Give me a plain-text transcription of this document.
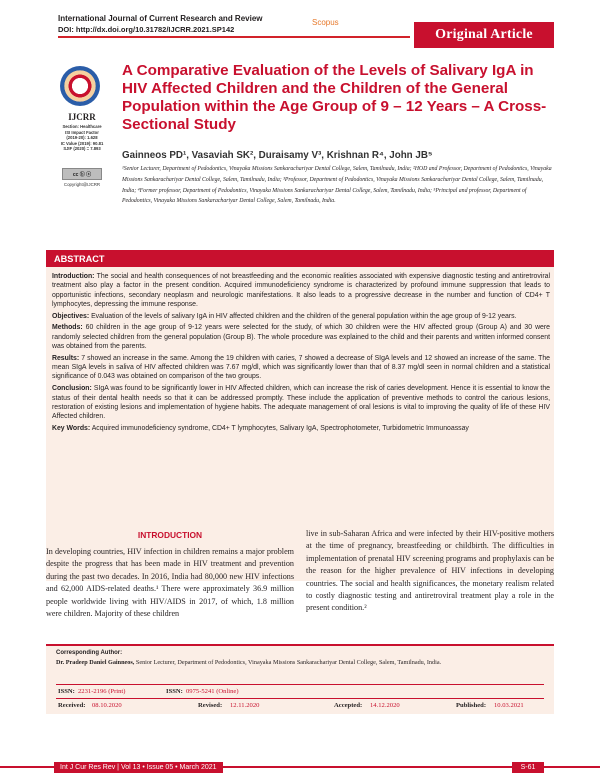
International Journal of Current Research and Review
DOI: http://dx.doi.org/10.31782/IJCRR.2021.SP142
Scopus
Original Article
IJCRR
Section: Healthcare
ISI Impact Factor
(2019-20): 1.628
IC Value (2019): 90.81
SJIF (2020) = 7.893
cc ⓑ ⓢ
Copyright@IJCRR
A Comparative Evaluation of the Levels of Salivary IgA in HIV Affected Children and the Children of the General Population within the Age Group of 9 – 12 Years – A Cross-Sectional Study
Gainneos PD¹, Vasaviah SK², Duraisamy V³, Krishnan R⁴, John JB⁵
¹Senior Lecturer, Department of Pedodontics, Vinayaka Missions Sankarachariyar Dental College, Salem, Tamilnadu, India; ²HOD and Professor, Department of Pedodontics, Vinayaka Missions Sankarachariyar Dental College, Salem, Tamilnadu, India; ³Professor, Department of Pedodontics, Vinayaka Missions Sankarachariyar Dental College, Salem, Tamilnadu, India; ⁴Former professor, Department of Pedodontics, Vinayaka Missions Sankarachariyar Dental College, Salem, Tamilnadu, India; ⁵Principal and professor, Department of Pedodontics, Vinayaka Missions Sankarachariyar Dental College, Salem, Tamilnadu, India.
ABSTRACT

Introduction: The social and health consequences of not breastfeeding and the economic realities associated with expensive diagnostic testing and antiretroviral treatment also play a factor in the present condition. Acquired immunodeficiency syndrome is characterized by profound immune suppression that leads to opportunistic infections, secondary neoplasm and neurologic manifestations. It also leads to a progressive decrease in the number and function of CD4+ T lymphocytes, depressing the immune response.

Objectives: Evaluation of the levels of salivary IgA in HIV affected children and the children of the general population within the age group of 9-12 years.

Methods: 60 children in the age group of 9-12 years were selected for the study, of which 30 children were the HIV affected group (Group A) and 30 were randomly selected children from the general population (Group B). The whole procedure was explained to the child and their parents and written informed consent was obtained from the parents.

Results: 7 showed an increase in the same. Among the 19 children with caries, 7 showed a decrease of SIgA levels and 12 showed an increase of the same. The mean SIgA levels in saliva of HIV affected children was 7.67 mg/dl, which was significantly lower than that of 8.37 mg/dl seen in normal children and a statistical significance of 0.043 was obtained on comparison of the two groups.

Conclusion: SIgA was found to be significantly lower in HIV Affected children, which can increase the risk of caries development. Hence it is essential to know the status of their dental health needs so that it can be addressed promptly. These include the application of preventive methods to control the carious lesions, restoration of existing lesions and implementation of hygiene habits. The adequate management of oral lesions is vital to improving the quality of life of these HIV Affected children.

Key Words: Acquired immunodeficiency syndrome, CD4+ T lymphocytes, Salivary IgA, Spectrophotometer, Turbidometric Immunoassay

INTRODUCTION
In developing countries, HIV infection in children remains a major problem despite the progress that has been made in HIV treatment and prevention during the past two decades. In 2016, India had 80,000 new HIV infections and 62,000 AIDS-related deaths.¹ There were approximately 36.9 million people worldwide living with HIV/AIDS in 2017, of which, 1.8 million were children. Majority of these children
live in sub-Saharan Africa and were infected by their HIV-positive mothers at the time of pregnancy, breastfeeding or childbirth. The difficulties in implementation of prenatal HIV screening programs and prophylaxis can be the reason for the higher prevalence of HIV infections in developing countries. The social and health significances, the monetary realism related to costly diagnostic testing and antiretroviral treatment play a role in the present condition.²
Corresponding Author:
Dr. Pradeep Daniel Gainneos, Senior Lecturer, Department of Pedodontics, Vinayaka Missions Sankarachariyar Dental College, Salem, Tamilnadu, India.
ISSN: 2231-2196 (Print)	ISSN: 0975-5241 (Online)
Received: 08.10.2020	Revised: 12.11.2020	Accepted: 14.12.2020	Published: 10.03.2021
Int J Cur Res Rev | Vol 13 • Issue 05 • March 2021	S-61
